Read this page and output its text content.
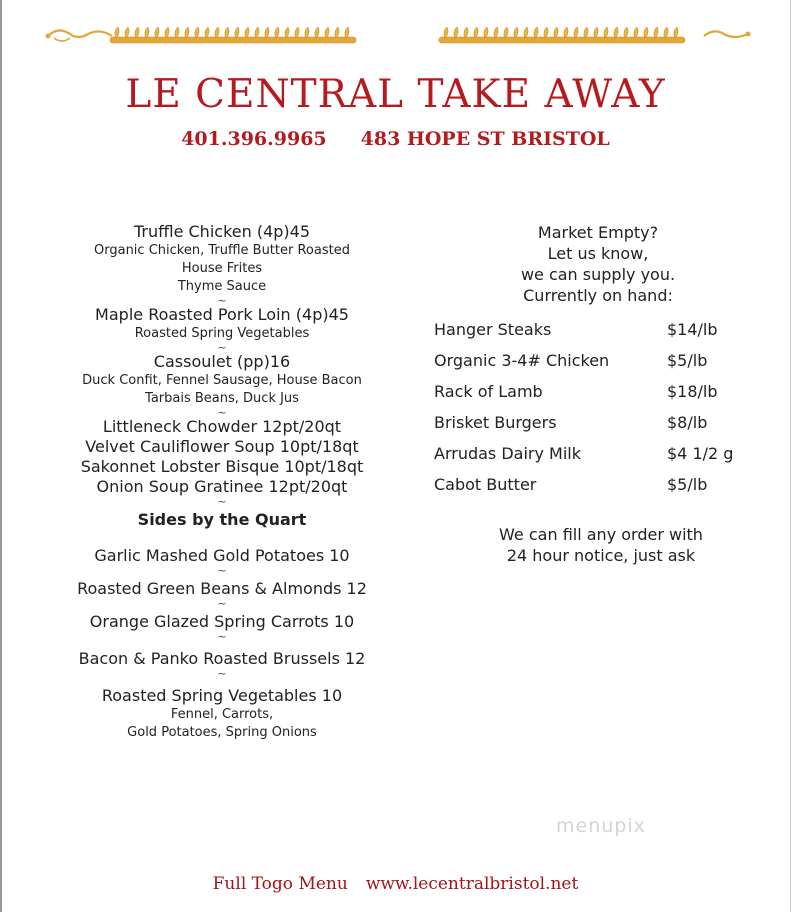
LE CENTRAL TAKE AWAY
401.396.9965 483 HOPE ST BRISTOL
Truffle Chicken (4p)45
Organic Chicken, Truffle Butter Roasted
House Frites
Thyme Sauce
~
Maple Roasted Pork Loin (4p)45
Roasted Spring Vegetables
~
Cassoulet (pp)16
Duck Confit, Fennel Sausage, House Bacon
Tarbais Beans, Duck Jus
~
Littleneck Chowder 12pt/20qt
Velvet Cauliflower Soup 10pt/18qt
Sakonnet Lobster Bisque 10pt/18qt
Onion Soup Gratinee 12pt/20qt
~
Sides by the Quart
Garlic Mashed Gold Potatoes 10
~
Roasted Green Beans & Almonds 12
~
Orange Glazed Spring Carrots 10
~
Bacon & Panko Roasted Brussels 12
~
Roasted Spring Vegetables 10
Fennel, Carrots,
Gold Potatoes, Spring Onions
Market Empty?
Let us know,
we can supply you.
Currently on hand:
Hanger Steaks	$14/lb
Organic 3-4# Chicken	$5/lb
Rack of Lamb	$18/lb
Brisket Burgers	$8/lb
Arrudas Dairy Milk	$4 1/2 g
Cabot Butter	$5/lb
We can fill any order with
24 hour notice, just ask
menupix
Full Togo Menu www.lecentralbristol.net
